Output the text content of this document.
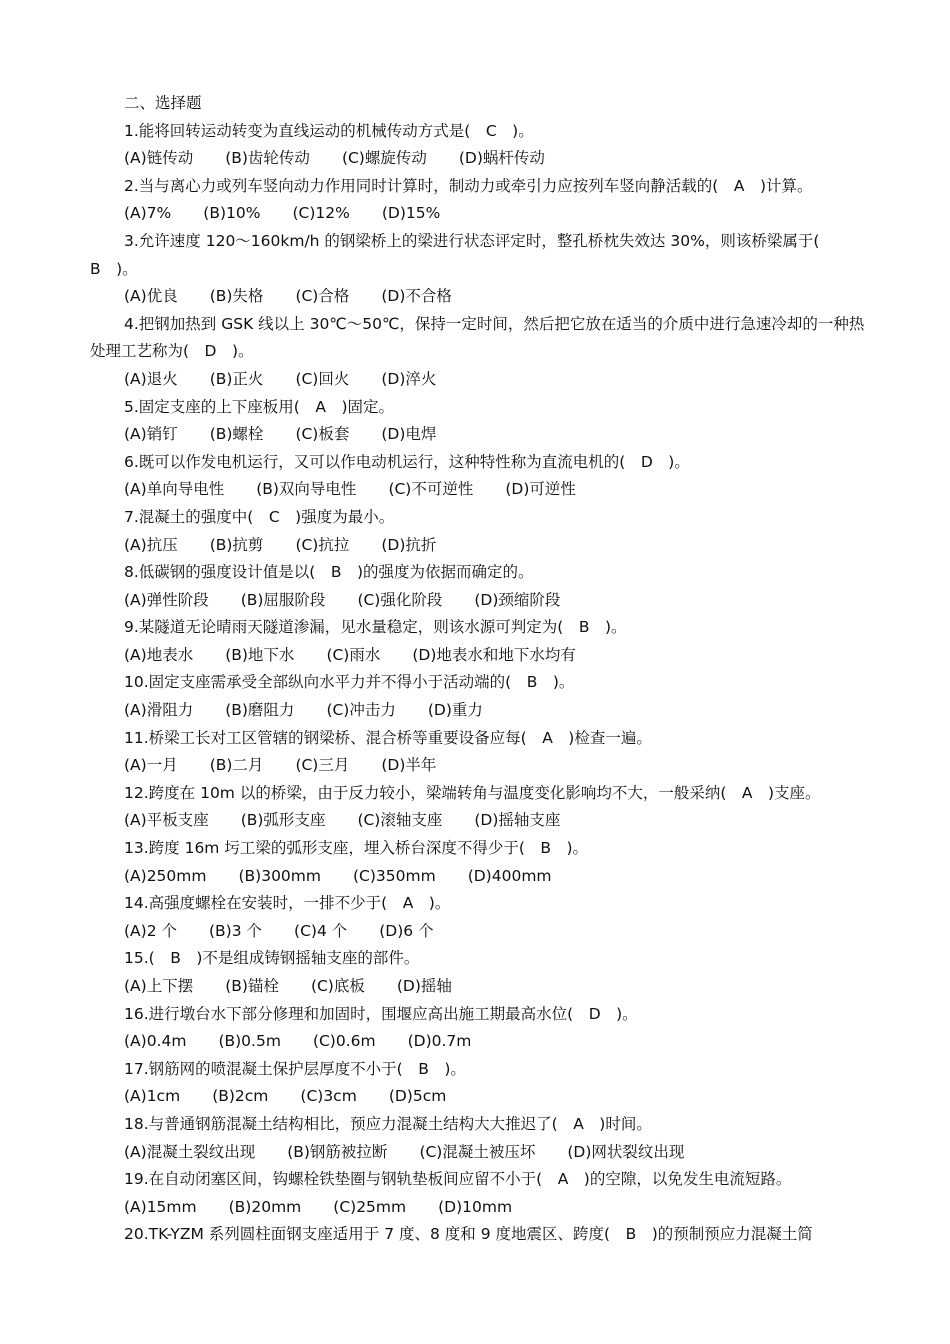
二、选择题
1.能将回转运动转变为直线运动的机械传动方式是(　C　)。
(A)链传动 (B)齿轮传动 (C)螺旋传动 (D)蜗杆传动
2.当与离心力或列车竖向动力作用同时计算时，制动力或牵引力应按列车竖向静活载的(　A　)计算。
(A)7% (B)10% (C)12% (D)15%
3.允许速度 120～160km/h 的钢梁桥上的梁进行状态评定时，整孔桥枕失效达 30%，则该桥梁属于(　B　)。
(A)优良 (B)失格 (C)合格 (D)不合格
4.把钢加热到 GSK 线以上 30℃～50℃，保持一定时间，然后把它放在适当的介质中进行急速冷却的一种热处理工艺称为(　D　)。
(A)退火 (B)正火 (C)回火 (D)淬火
5.固定支座的上下座板用(　A　)固定。
(A)销钉 (B)螺栓 (C)板套 (D)电焊
6.既可以作发电机运行，又可以作电动机运行，这种特性称为直流电机的(　D　)。
(A)单向导电性 (B)双向导电性 (C)不可逆性 (D)可逆性
7.混凝土的强度中(　C　)强度为最小。
(A)抗压 (B)抗剪 (C)抗拉 (D)抗折
8.低碳钢的强度设计值是以(　B　)的强度为依据而确定的。
(A)弹性阶段 (B)屈服阶段 (C)强化阶段 (D)颈缩阶段
9.某隧道无论晴雨天隧道渗漏，见水量稳定，则该水源可判定为(　B　)。
(A)地表水 (B)地下水 (C)雨水 (D)地表水和地下水均有
10.固定支座需承受全部纵向水平力并不得小于活动端的(　B　)。
(A)滑阻力 (B)磨阻力 (C)冲击力 (D)重力
11.桥梁工长对工区管辖的钢梁桥、混合桥等重要设备应每(　A　)检查一遍。
(A)一月 (B)二月 (C)三月 (D)半年
12.跨度在 10m 以的桥梁，由于反力较小，梁端转角与温度变化影响均不大，一般采纳(　A　)支座。
(A)平板支座 (B)弧形支座 (C)滚轴支座 (D)摇轴支座
13.跨度 16m 圬工梁的弧形支座，埋入桥台深度不得少于(　B　)。
(A)250mm (B)300mm (C)350mm (D)400mm
14.高强度螺栓在安装时，一排不少于(　A　)。
(A)2 个 (B)3 个 (C)4 个 (D)6 个
15.(　B　)不是组成铸钢摇轴支座的部件。
(A)上下摆 (B)锚栓 (C)底板 (D)摇轴
16.进行墩台水下部分修理和加固时，围堰应高出施工期最高水位(　D　)。
(A)0.4m (B)0.5m (C)0.6m (D)0.7m
17.钢筋网的喷混凝土保护层厚度不小于(　B　)。
(A)1cm (B)2cm (C)3cm (D)5cm
18.与普通钢筋混凝土结构相比，预应力混凝土结构大大推迟了(　A　)时间。
(A)混凝土裂纹出现 (B)钢筋被拉断 (C)混凝土被压坏 (D)网状裂纹出现
19.在自动闭塞区间，钩螺栓铁垫圈与钢轨垫板间应留不小于(　A　)的空隙，以免发生电流短路。
(A)15mm (B)20mm (C)25mm (D)10mm
20.TK-YZM 系列圆柱面钢支座适用于 7 度、8 度和 9 度地震区、跨度(　B　)的预制预应力混凝土简
